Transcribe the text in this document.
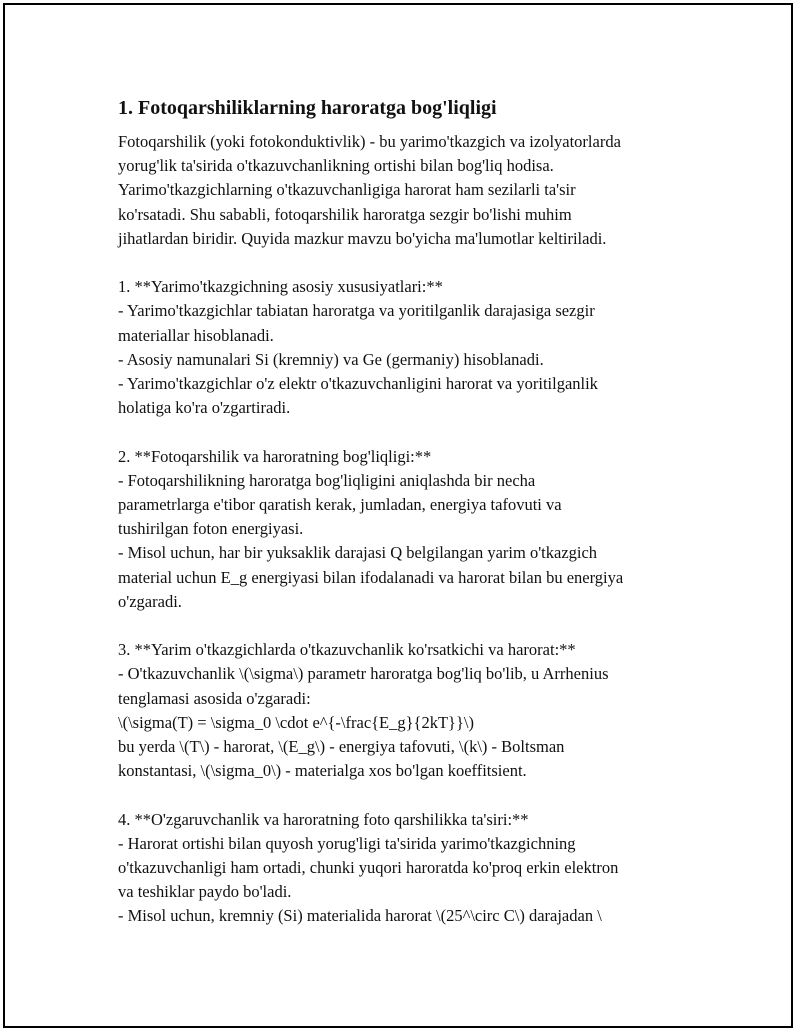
1. Fotoqarshiliklarning haroratga bog'liqligi

Fotoqarshilik (yoki fotokonduktivlik) - bu yarimo'tkazgich va izolyatorlarda
yorug'lik ta'sirida o'tkazuvchanlikning ortishi bilan bog'liq hodisa.
Yarimo'tkazgichlarning o'tkazuvchanligiga harorat ham sezilarli ta'sir
ko'rsatadi. Shu sababli, fotoqarshilik haroratga sezgir bo'lishi muhim
jihatlardan biridir. Quyida mazkur mavzu bo'yicha ma'lumotlar keltiriladi.

1. **Yarimo'tkazgichning asosiy xususiyatlari:**
- Yarimo'tkazgichlar tabiatan haroratga va yoritilganlik darajasiga sezgir
materiallar hisoblanadi.
- Asosiy namunalari Si (kremniy) va Ge (germaniy) hisoblanadi.
- Yarimo'tkazgichlar o'z elektr o'tkazuvchanligini harorat va yoritilganlik
holatiga ko'ra o'zgartiradi.

2. **Fotoqarshilik va haroratning bog'liqligi:**
- Fotoqarshilikning haroratga bog'liqligini aniqlashda bir necha
parametrlarga e'tibor qaratish kerak, jumladan, energiya tafovuti va
tushirilgan foton energiyasi.
- Misol uchun, har bir yuksaklik darajasi Q belgilangan yarim o'tkazgich
material uchun E_g energiyasi bilan ifodalanadi va harorat bilan bu energiya
o'zgaradi.

3. **Yarim o'tkazgichlarda o'tkazuvchanlik ko'rsatkichi va harorat:**
- O'tkazuvchanlik \(\sigma\) parametr haroratga bog'liq bo'lib, u Arrhenius
tenglamasi asosida o'zgaradi:
\(\sigma(T) = \sigma_0 \cdot e^{-\frac{E_g}{2kT}}\)
bu yerda \(T\) - harorat, \(E_g\) - energiya tafovuti, \(k\) - Boltsman
konstantasi, \(\sigma_0\) - materialga xos bo'lgan koeffitsient.

4. **O'zgaruvchanlik va haroratning foto qarshilikka ta'siri:**
- Harorat ortishi bilan quyosh yorug'ligi ta'sirida yarimo'tkazgichning
o'tkazuvchanligi ham ortadi, chunki yuqori haroratda ko'proq erkin elektron
va teshiklar paydo bo'ladi.
- Misol uchun, kremniy (Si) materialida harorat \(25^\circ C\) darajadan \
